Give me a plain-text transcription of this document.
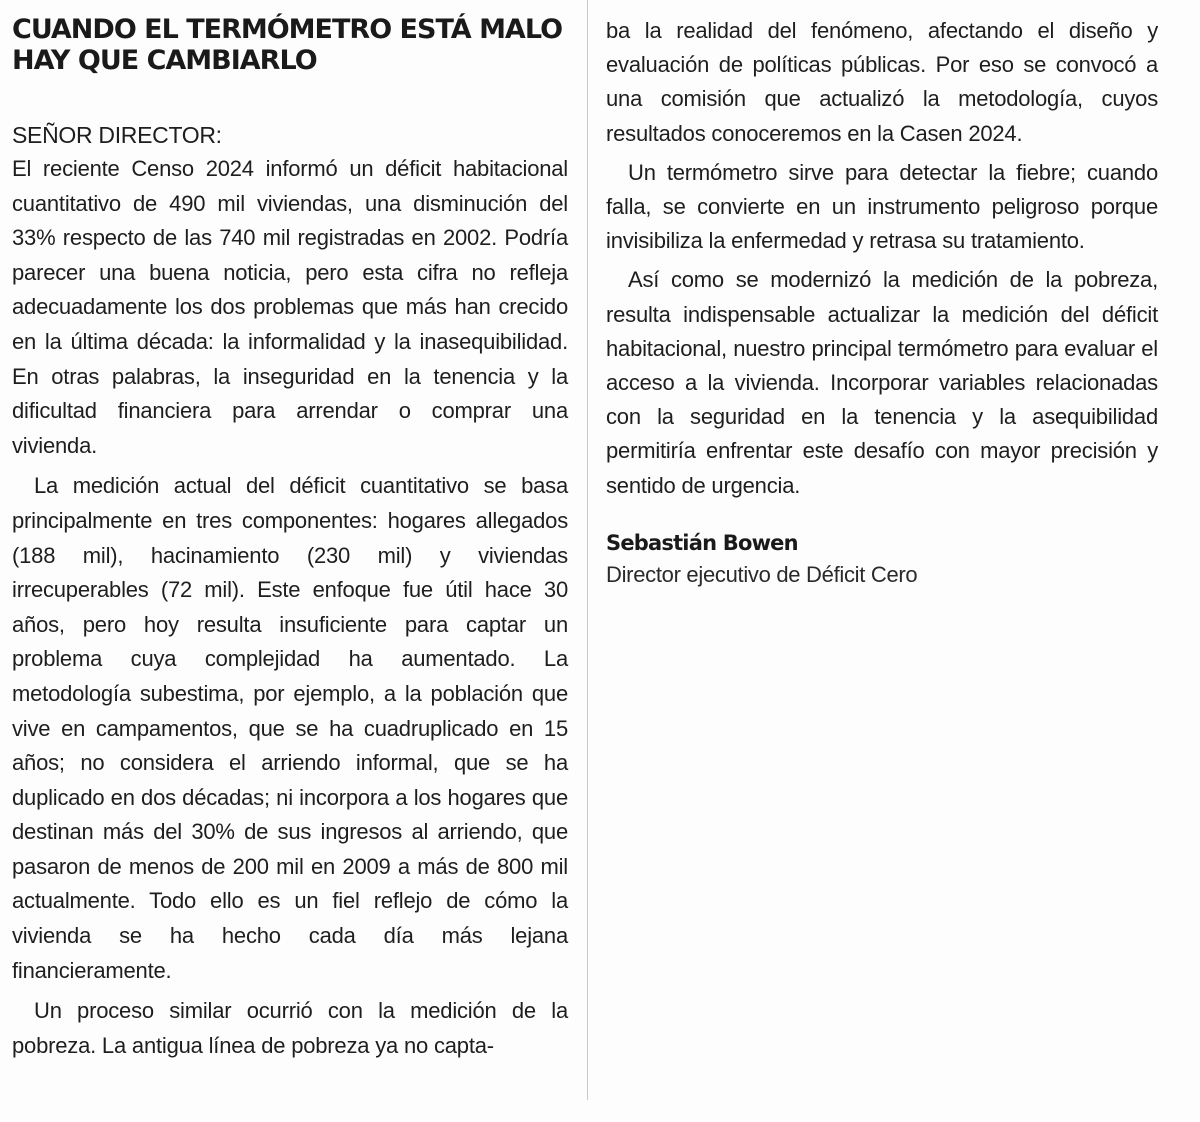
CUANDO EL TERMÓMETRO ESTÁ MALO HAY QUE CAMBIARLO

SEÑOR DIRECTOR:

El reciente Censo 2024 informó un déficit habitacional cuantitativo de 490 mil viviendas, una disminución del 33% respecto de las 740 mil registradas en 2002. Podría parecer una buena noticia, pero esta cifra no refleja adecuadamente los dos problemas que más han crecido en la última década: la informalidad y la inasequibilidad. En otras palabras, la inseguridad en la tenencia y la dificultad financiera para arrendar o comprar una vivienda.

La medición actual del déficit cuantitativo se basa principalmente en tres componentes: hogares allegados (188 mil), hacinamiento (230 mil) y viviendas irrecuperables (72 mil). Este enfoque fue útil hace 30 años, pero hoy resulta insuficiente para captar un problema cuya complejidad ha aumentado. La metodología subestima, por ejemplo, a la población que vive en campamentos, que se ha cuadruplicado en 15 años; no considera el arriendo informal, que se ha duplicado en dos décadas; ni incorpora a los hogares que destinan más del 30% de sus ingresos al arriendo, que pasaron de menos de 200 mil en 2009 a más de 800 mil actualmente. Todo ello es un fiel reflejo de cómo la vivienda se ha hecho cada día más lejana financieramente.

Un proceso similar ocurrió con la medición de la pobreza. La antigua línea de pobreza ya no capta-

ba la realidad del fenómeno, afectando el diseño y evaluación de políticas públicas. Por eso se convocó a una comisión que actualizó la metodología, cuyos resultados conoceremos en la Casen 2024.

Un termómetro sirve para detectar la fiebre; cuando falla, se convierte en un instrumento peligroso porque invisibiliza la enfermedad y retrasa su tratamiento.

Así como se modernizó la medición de la pobreza, resulta indispensable actualizar la medición del déficit habitacional, nuestro principal termómetro para evaluar el acceso a la vivienda. Incorporar variables relacionadas con la seguridad en la tenencia y la asequibilidad permitiría enfrentar este desafío con mayor precisión y sentido de urgencia.

Sebastián Bowen
Director ejecutivo de Déficit Cero
